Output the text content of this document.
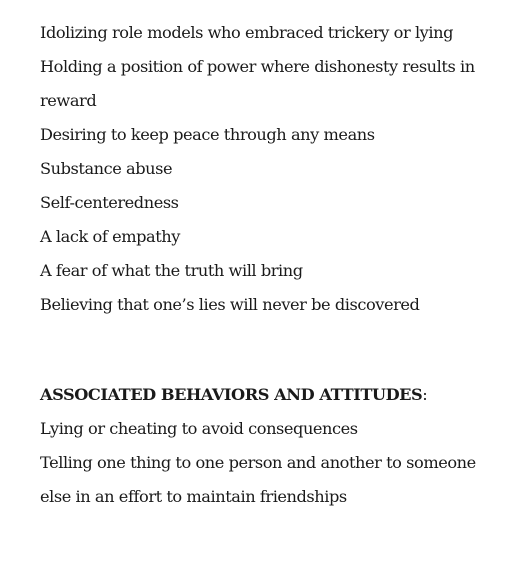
Idolizing role models who embraced trickery or lying

Holding a position of power where dishonesty results in reward

Desiring to keep peace through any means

Substance abuse

Self-centeredness

A lack of empathy

A fear of what the truth will bring

Believing that one’s lies will never be discovered

ASSOCIATED BEHAVIORS AND ATTITUDES:

Lying or cheating to avoid consequences

Telling one thing to one person and another to someone else in an effort to maintain friendships
